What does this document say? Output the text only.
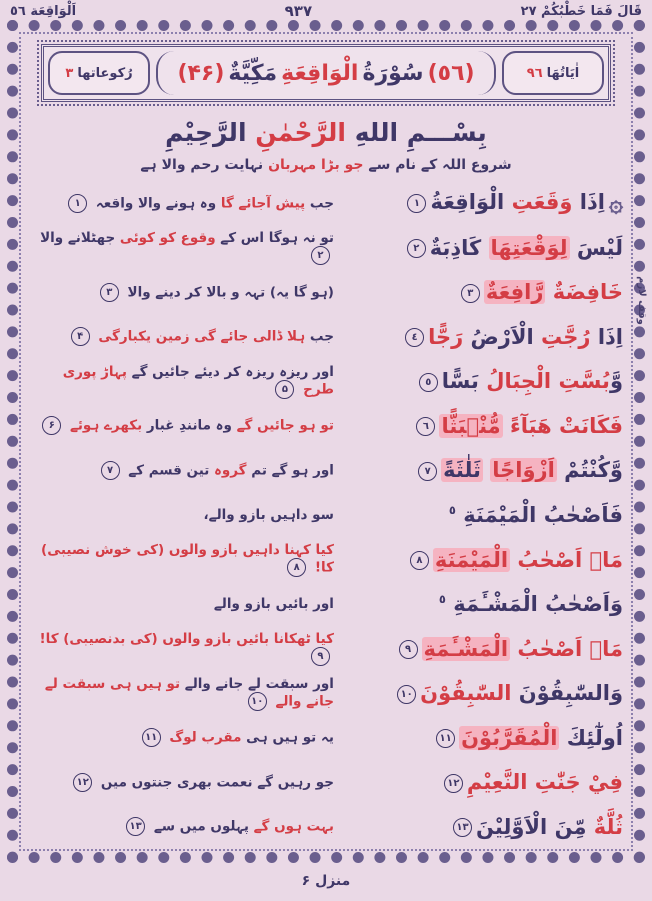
اَلْوَاقِعَة ٥٦	٩٣٧	قَالَ فَمَا خَطْبُكُمْ ٢٧
اٰيَاتُهَا
٩٦
(٥٦)
سُوْرَةُ
الْوَاقِعَةِ
مَكِّيَّةٌ
(۴۶)
رُكوعاتها
٣
بِسْـــمِ اللهِ الرَّحْمٰنِ الرَّحِيْمِ
شروع اللہ کے نام سے جو بڑا مہربان نہایت رحم والا ہے
۞اِذَا وَقَعَتِ الْوَاقِعَةُ١
جب پیش آجائے گا وہ ہونے والا واقعہ ۱
لَيْسَ لِوَقْعَتِهَا كَاذِبَةٌ٢
تو نہ ہوگا اس کے وقوع کو کوئی جھٹلانے والا ۲
خَافِضَةٌ رَّافِعَةٌ٣
(ہو گا یہ) تہہ و بالا کر دینے والا ۳
اِذَا رُجَّتِ الْاَرْضُ رَجًّا٤
جب ہلا ڈالی جائے گی زمین یکبارگی ۴
وَّبُسَّتِ الْجِبَالُ بَسًّا٥
اور ریزہ ریزہ کر دیئے جائیں گے پہاڑ پوری طرح ۵
فَكَانَتْ هَبَآءً مُّنْۢبَثًّا٦
تو ہو جائیں گے وہ مانندِ غبار بکھرے ہوئے ۶
وَّكُنْتُمْ اَزْوَاجًا ثَلٰثَةً٧
اور ہو گے تم گروہ تین قسم کے ۷
فَاَصْحٰبُ الْمَيْمَنَةِ $^٥$
سو داہیں بازو والے،
مَاۤ اَصْحٰبُ الْمَيْمَنَةِ٨
کیا کہنا داہیں بازو والوں (کی خوش نصیبی) کا! ۸
وَاَصْحٰبُ الْمَشْـَٔمَةِ $^٥$
اور بائیں بازو والے
مَاۤ اَصْحٰبُ الْمَشْـَٔمَةِ٩
کیا ٹھکانا بائیں بازو والوں (کی بدنصیبی) کا! ۹
وَالسّٰبِقُوْنَ السّٰبِقُوْنَ١٠
اور سبقت لے جانے والے تو ہیں ہی سبقت لے جانے والے ۱۰
اُولٰٓئِكَ الْمُقَرَّبُوْنَ١١
یہ تو ہیں ہی مقرب لوگ ۱۱
فِيْ جَنّٰتِ النَّعِيْمِ١٢
جو رہیں گے نعمت بھری جنتوں میں ۱۲
ثُلَّةٌ مِّنَ الْاَوَّلِيْنَ١٣
بہت ہوں گے پہلوں میں سے ۱۳
وقف لازم
منزل ۶
